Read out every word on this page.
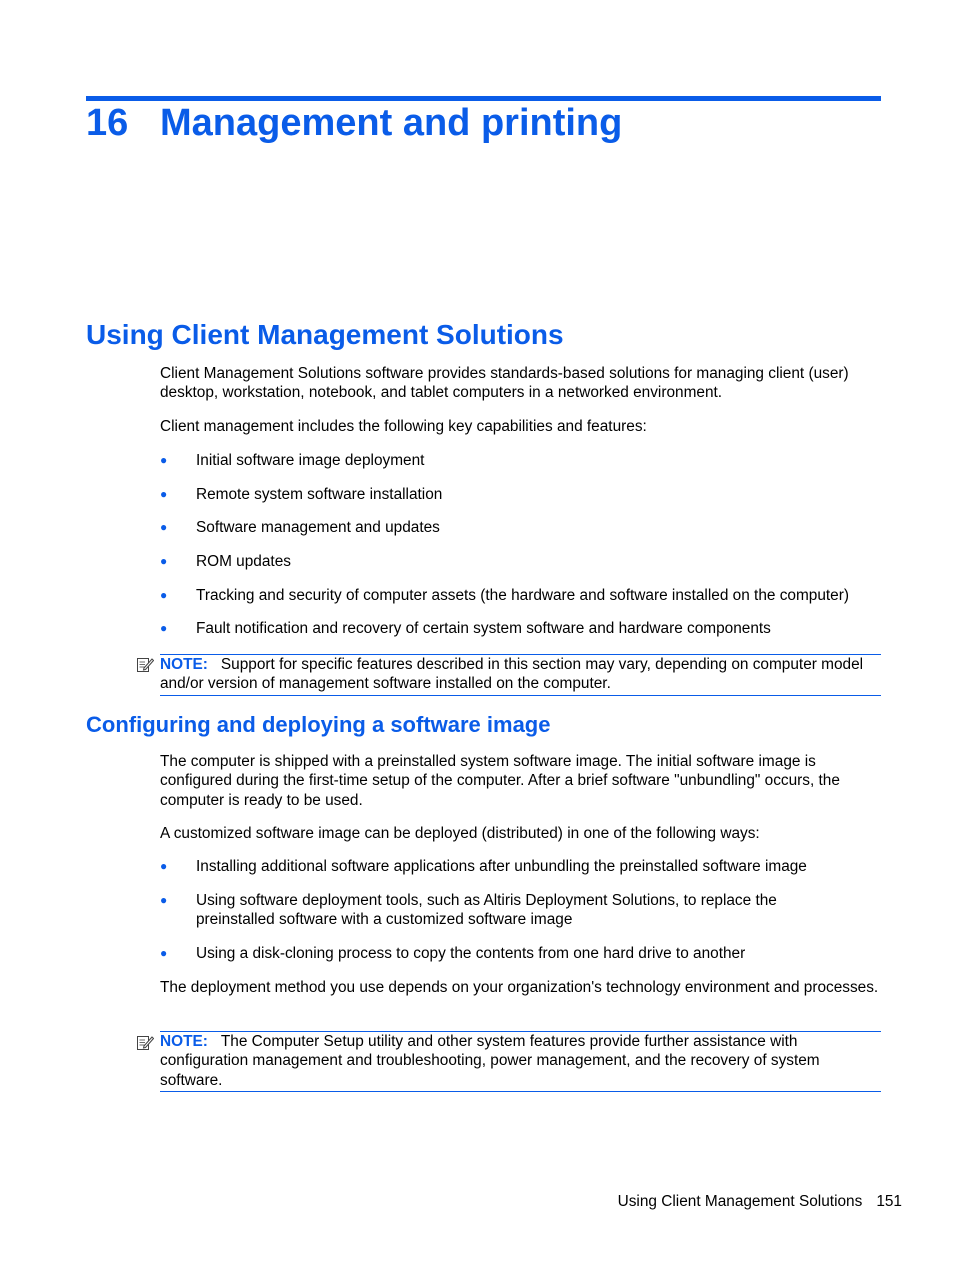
16 Management and printing
Using Client Management Solutions

Client Management Solutions software provides standards-based solutions for managing client (user) desktop, workstation, notebook, and tablet computers in a networked environment.

Client management includes the following key capabilities and features:

●	Initial software image deployment
●	Remote system software installation
●	Software management and updates
●	ROM updates
●	Tracking and security of computer assets (the hardware and software installed on the computer)
●	Fault notification and recovery of certain system software and hardware components
NOTE: Support for specific features described in this section may vary, depending on computer model and/or version of management software installed on the computer.
Configuring and deploying a software image

The computer is shipped with a preinstalled system software image. The initial software image is configured during the first-time setup of the computer. After a brief software "unbundling" occurs, the computer is ready to be used.

A customized software image can be deployed (distributed) in one of the following ways:

●	Installing additional software applications after unbundling the preinstalled software image
●	Using software deployment tools, such as Altiris Deployment Solutions, to replace the
preinstalled software with a customized software image
●	Using a disk-cloning process to copy the contents from one hard drive to another

The deployment method you use depends on your organization's technology environment and processes.

NOTE: The Computer Setup utility and other system features provide further assistance with configuration management and troubleshooting, power management, and the recovery of system software.
Using Client Management Solutions 151
